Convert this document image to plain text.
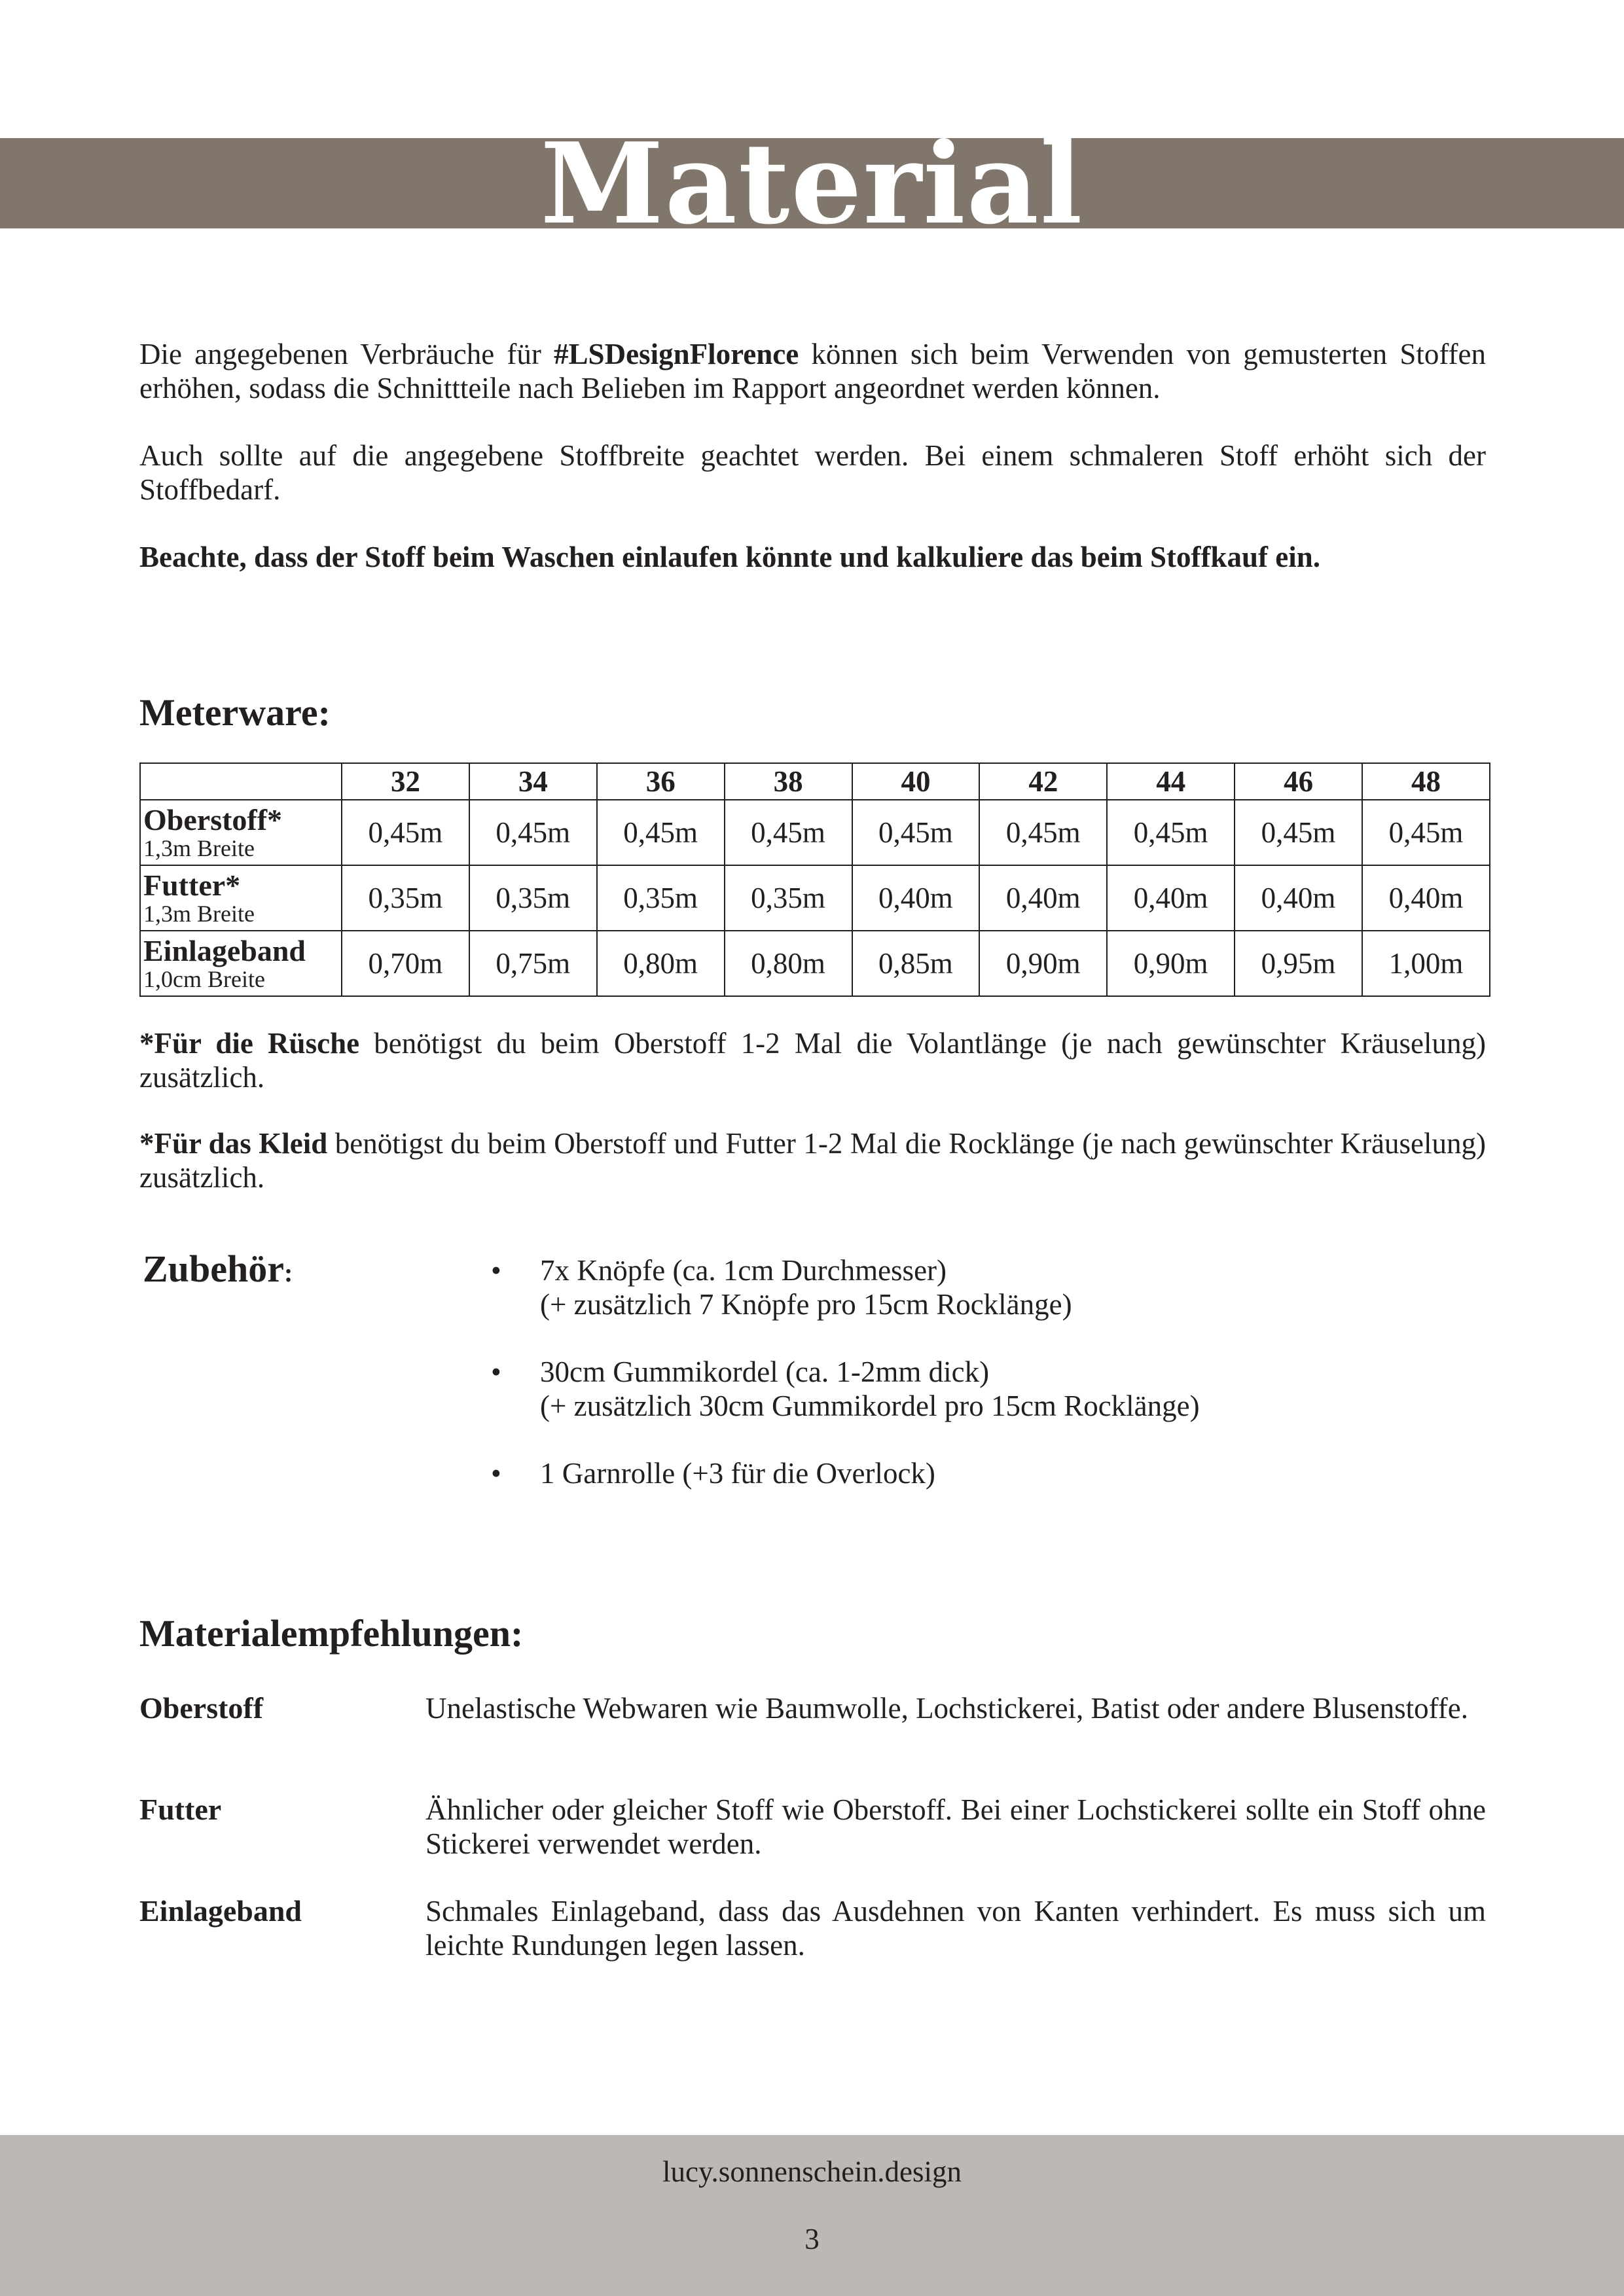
Material

Die angegebenen Verbräuche für #LSDesignFlorence können sich beim Verwenden von gemusterten Stoffen erhöhen, sodass die Schnittteile nach Belieben im Rapport angeordnet werden können.

Auch sollte auf die angegebene Stoffbreite geachtet werden. Bei einem schmaleren Stoff erhöht sich der Stoffbedarf.

Beachte, dass der Stoff beim Waschen einlaufen könnte und kalkuliere das beim Stoffkauf ein.

Meterware:
	32	34	36	38	40	42	44	46	48

Oberstoff*
1,3m Breite	0,45m	0,45m	0,45m	0,45m	0,45m	0,45m	0,45m	0,45m	0,45m

Futter*
1,3m Breite	0,35m	0,35m	0,35m	0,35m	0,40m	0,40m	0,40m	0,40m	0,40m

Einlageband
1,0cm Breite	0,70m	0,75m	0,80m	0,80m	0,85m	0,90m	0,90m	0,95m	1,00m

*Für die Rüsche benötigst du beim Oberstoff 1-2 Mal die Volantlänge (je nach gewünschter Kräuselung) zusätzlich.

*Für das Kleid benötigst du beim Oberstoff und Futter 1-2 Mal die Rocklänge (je nach gewünschter Kräuselung) zusätzlich.

Zubehör:	• 7x Knöpfe (ca. 1cm Durchmesser)
(+ zusätzlich 7 Knöpfe pro 15cm Rocklänge)
• 30cm Gummikordel (ca. 1-2mm dick)
(+ zusätzlich 30cm Gummikordel pro 15cm Rocklänge)
• 1 Garnrolle (+3 für die Overlock)
Materialempfehlungen:
Oberstoff	Unelastische Webwaren wie Baumwolle, Lochstickerei, Batist oder andere Blusenstoffe.

Futter	Ähnlicher oder gleicher Stoff wie Oberstoff. Bei einer Lochstickerei sollte ein Stoff ohne Stickerei verwendet werden.

Einlageband	Schmales Einlageband, dass das Ausdehnen von Kanten verhindert. Es muss sich um leichte Rundungen legen lassen.

lucy.sonnenschein.design
3
